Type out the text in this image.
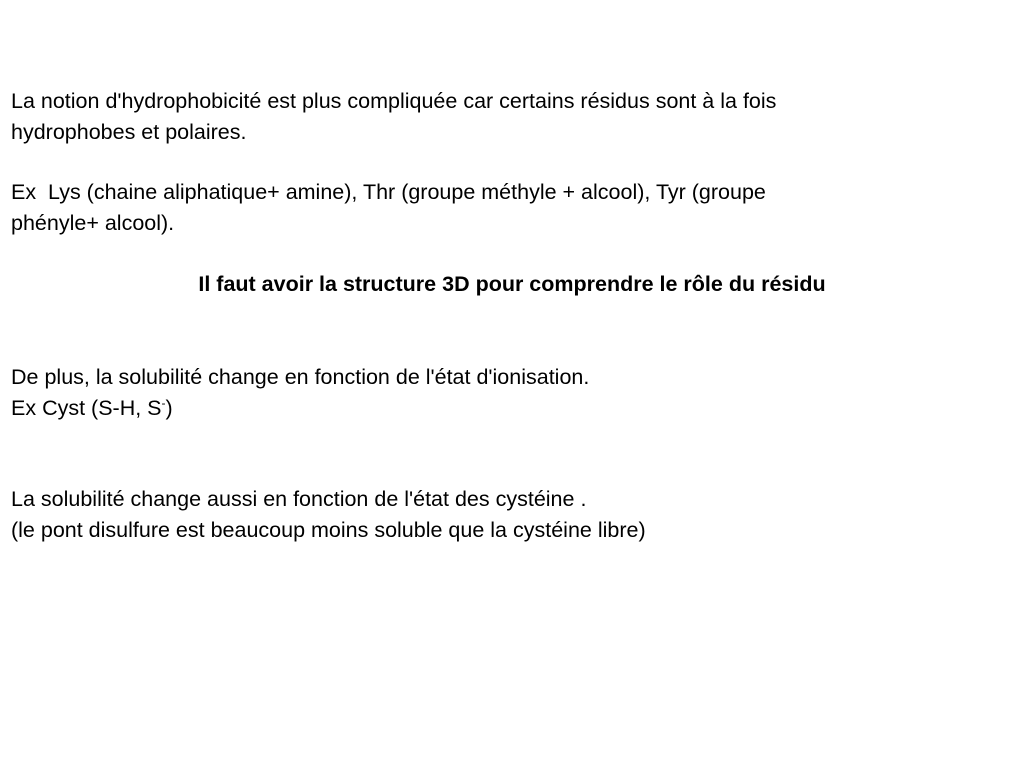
La notion d'hydrophobicité est plus compliquée car certains résidus sont à la fois
hydrophobes et polaires.

Ex  Lys (chaine aliphatique+ amine), Thr (groupe méthyle + alcool), Tyr (groupe
phényle+ alcool).

Il faut avoir la structure 3D pour comprendre le rôle du résidu

De plus, la solubilité change en fonction de l'état d'ionisation.
Ex Cyst (S-H, S-)

La solubilité change aussi en fonction de l'état des cystéine .
(le pont disulfure est beaucoup moins soluble que la cystéine libre)
